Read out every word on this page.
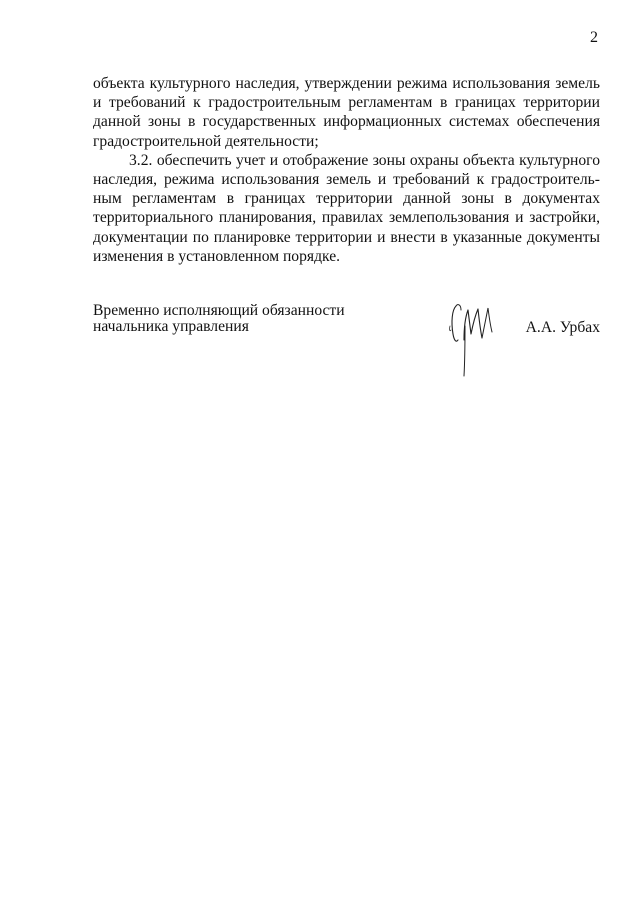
2

объекта культурного наследия, утверждении режима использования земель и требований к градостроительным регламентам в границах территории данной зоны в государственных информационных системах обеспечения градостроительной деятельности;

3.2. обеспечить учет и отображение зоны охраны объекта культурного наследия, режима использования земель и требований к градостроительным регламентам в границах территории данной зоны в документах территориального планирования, правилах землепользования и застройки, документации по планировке территории и внести в указанные документы изменения в установленном порядке.

Временно исполняющий обязанности
начальника управления	А.А. Урбах
